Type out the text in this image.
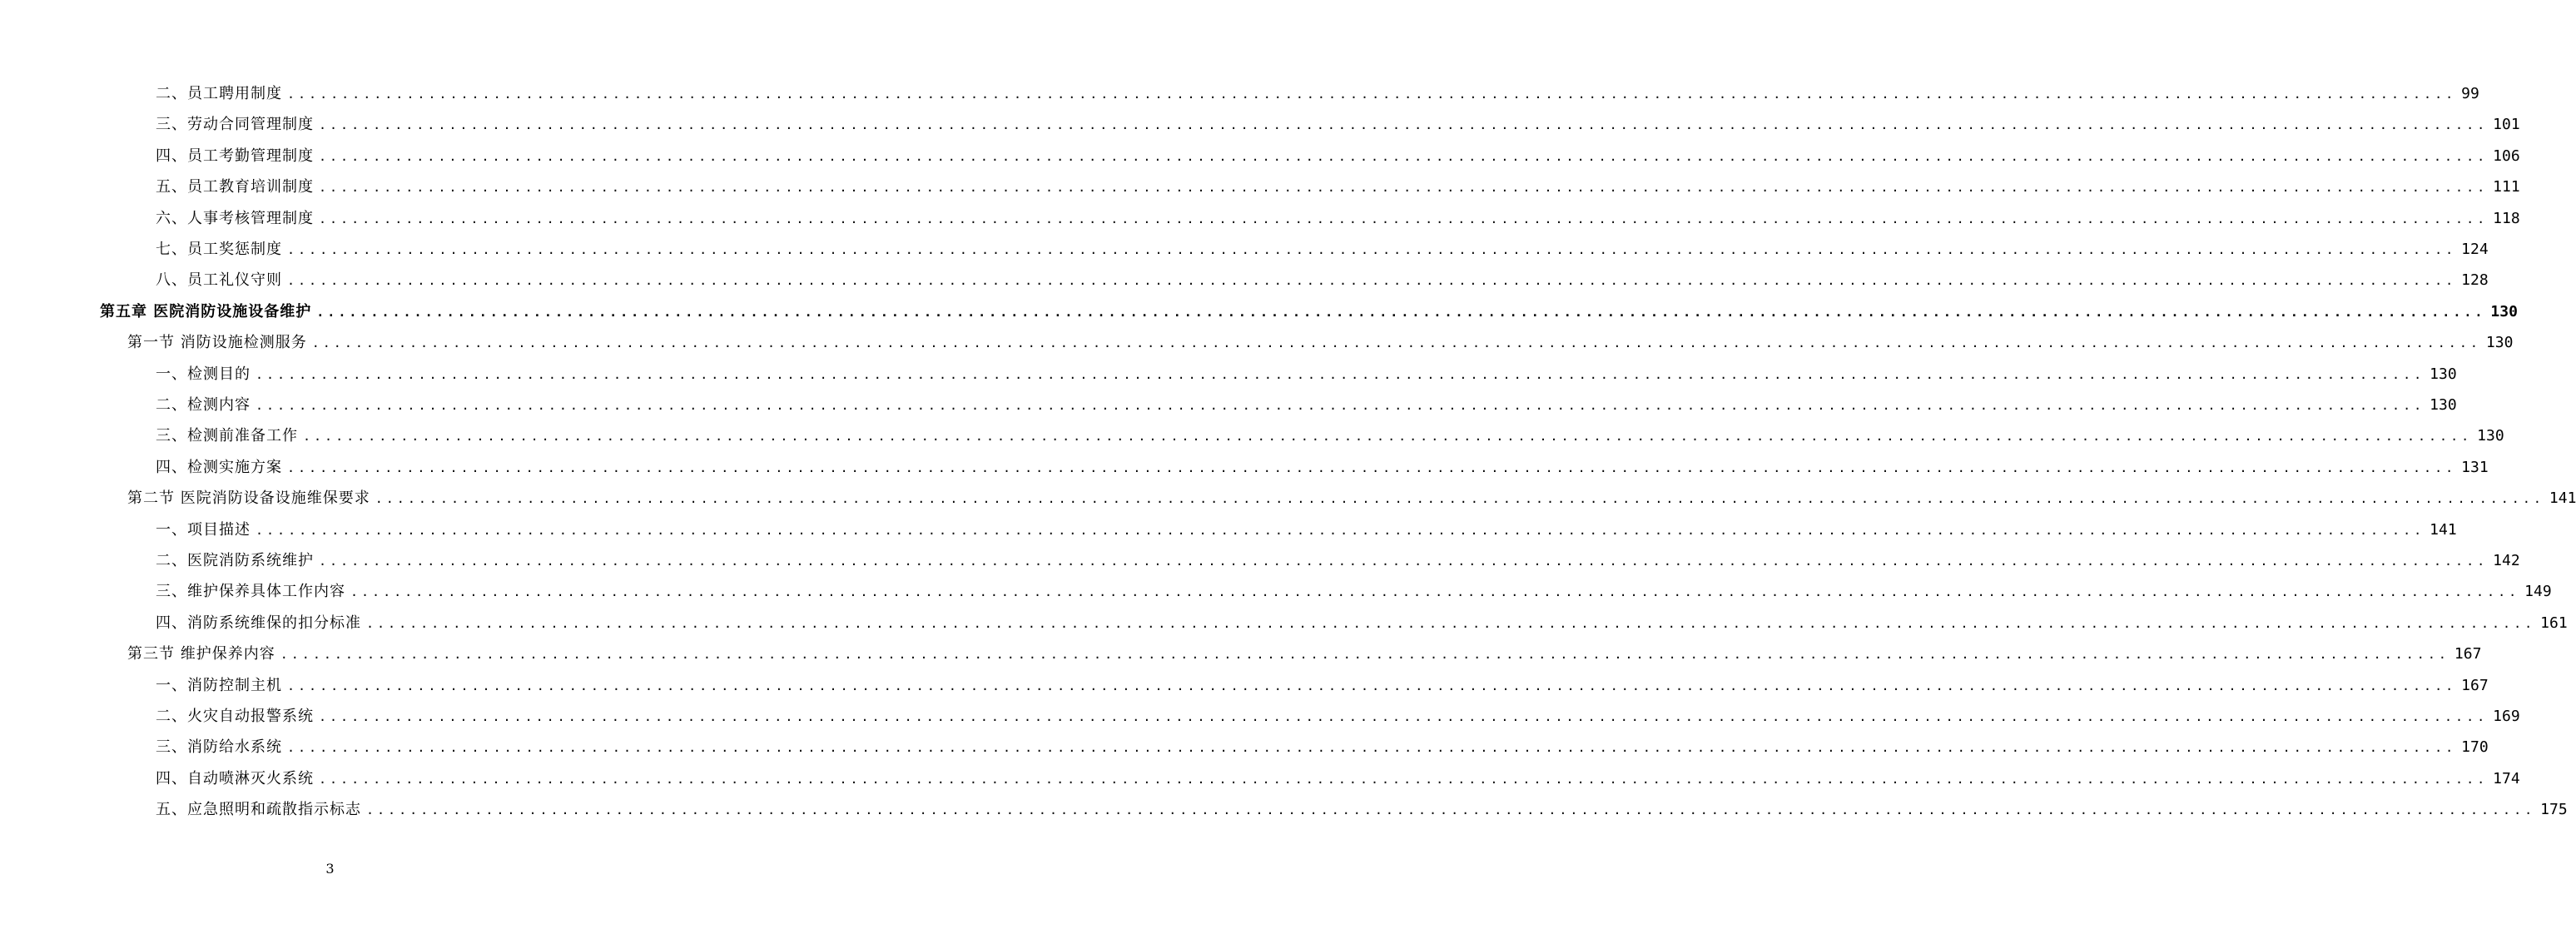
二、员工聘用制度 ........................................................................................................................................................................................................ 99
三、劳动合同管理制度 ........................................................................................................................................................................................................ 101
四、员工考勤管理制度 ........................................................................................................................................................................................................ 106
五、员工教育培训制度 ........................................................................................................................................................................................................ 111
六、人事考核管理制度 ........................................................................................................................................................................................................ 118
七、员工奖惩制度 ........................................................................................................................................................................................................ 124
八、员工礼仪守则 ........................................................................................................................................................................................................ 128
第五章 医院消防设施设备维护 ........................................................................................................................................................................................................ 130
第一节 消防设施检测服务 ........................................................................................................................................................................................................ 130
一、检测目的 ........................................................................................................................................................................................................ 130
二、检测内容 ........................................................................................................................................................................................................ 130
三、检测前准备工作 ........................................................................................................................................................................................................ 130
四、检测实施方案 ........................................................................................................................................................................................................ 131
第二节 医院消防设备设施维保要求 ........................................................................................................................................................................................................ 141
一、项目描述 ........................................................................................................................................................................................................ 141
二、医院消防系统维护 ........................................................................................................................................................................................................ 142
三、维护保养具体工作内容 ........................................................................................................................................................................................................ 149
四、消防系统维保的扣分标准 ........................................................................................................................................................................................................ 161
第三节 维护保养内容 ........................................................................................................................................................................................................ 167
一、消防控制主机 ........................................................................................................................................................................................................ 167
二、火灾自动报警系统 ........................................................................................................................................................................................................ 169
三、消防给水系统 ........................................................................................................................................................................................................ 170
四、自动喷淋灭火系统 ........................................................................................................................................................................................................ 174
五、应急照明和疏散指示标志 ........................................................................................................................................................................................................ 175
3
